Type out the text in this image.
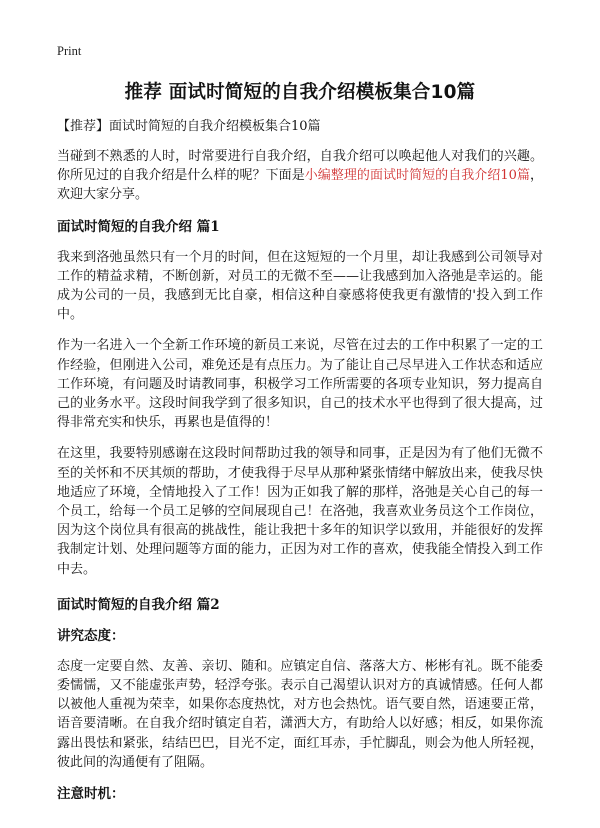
Print
推荐 面试时简短的自我介绍模板集合10篇

【推荐】面试时简短的自我介绍模板集合10篇

当碰到不熟悉的人时，时常要进行自我介绍，自我介绍可以唤起他人对我们的兴趣。你所见过的自我介绍是什么样的呢？下面是小编整理的面试时简短的自我介绍10篇，欢迎大家分享。

面试时简短的自我介绍 篇1

我来到洛弛虽然只有一个月的时间，但在这短短的一个月里，却让我感到公司领导对工作的精益求精，不断创新，对员工的无微不至——让我感到加入洛弛是幸运的。能成为公司的一员，我感到无比自豪，相信这种自豪感将使我更有激情的'投入到工作中。

作为一名进入一个全新工作环境的新员工来说，尽管在过去的工作中积累了一定的工作经验，但刚进入公司，难免还是有点压力。为了能让自己尽早进入工作状态和适应工作环境，有问题及时请教同事，积极学习工作所需要的各项专业知识，努力提高自己的业务水平。这段时间我学到了很多知识，自己的技术水平也得到了很大提高，过得非常充实和快乐，再累也是值得的！

在这里，我要特别感谢在这段时间帮助过我的领导和同事，正是因为有了他们无微不至的关怀和不厌其烦的帮助，才使我得于尽早从那种紧张情绪中解放出来，使我尽快地适应了环境，全情地投入了工作！因为正如我了解的那样，洛弛是关心自己的每一个员工，给每一个员工足够的空间展现自己！在洛弛，我喜欢业务员这个工作岗位，因为这个岗位具有很高的挑战性，能让我把十多年的知识学以致用，并能很好的发挥我制定计划、处理问题等方面的能力，正因为对工作的喜欢，使我能全情投入到工作中去。

面试时简短的自我介绍 篇2
讲究态度：

态度一定要自然、友善、亲切、随和。应镇定自信、落落大方、彬彬有礼。既不能委委懦懦，又不能虚张声势，轻浮夸张。表示自己渴望认识对方的真诚情感。任何人都以被他人重视为荣幸，如果你态度热忱，对方也会热忱。语气要自然，语速要正常，语音要清晰。在自我介绍时镇定自若，潇洒大方，有助给人以好感；相反，如果你流露出畏怯和紧张，结结巴巴，目光不定，面红耳赤，手忙脚乱，则会为他人所轻视，彼此间的沟通便有了阻隔。

注意时机：
